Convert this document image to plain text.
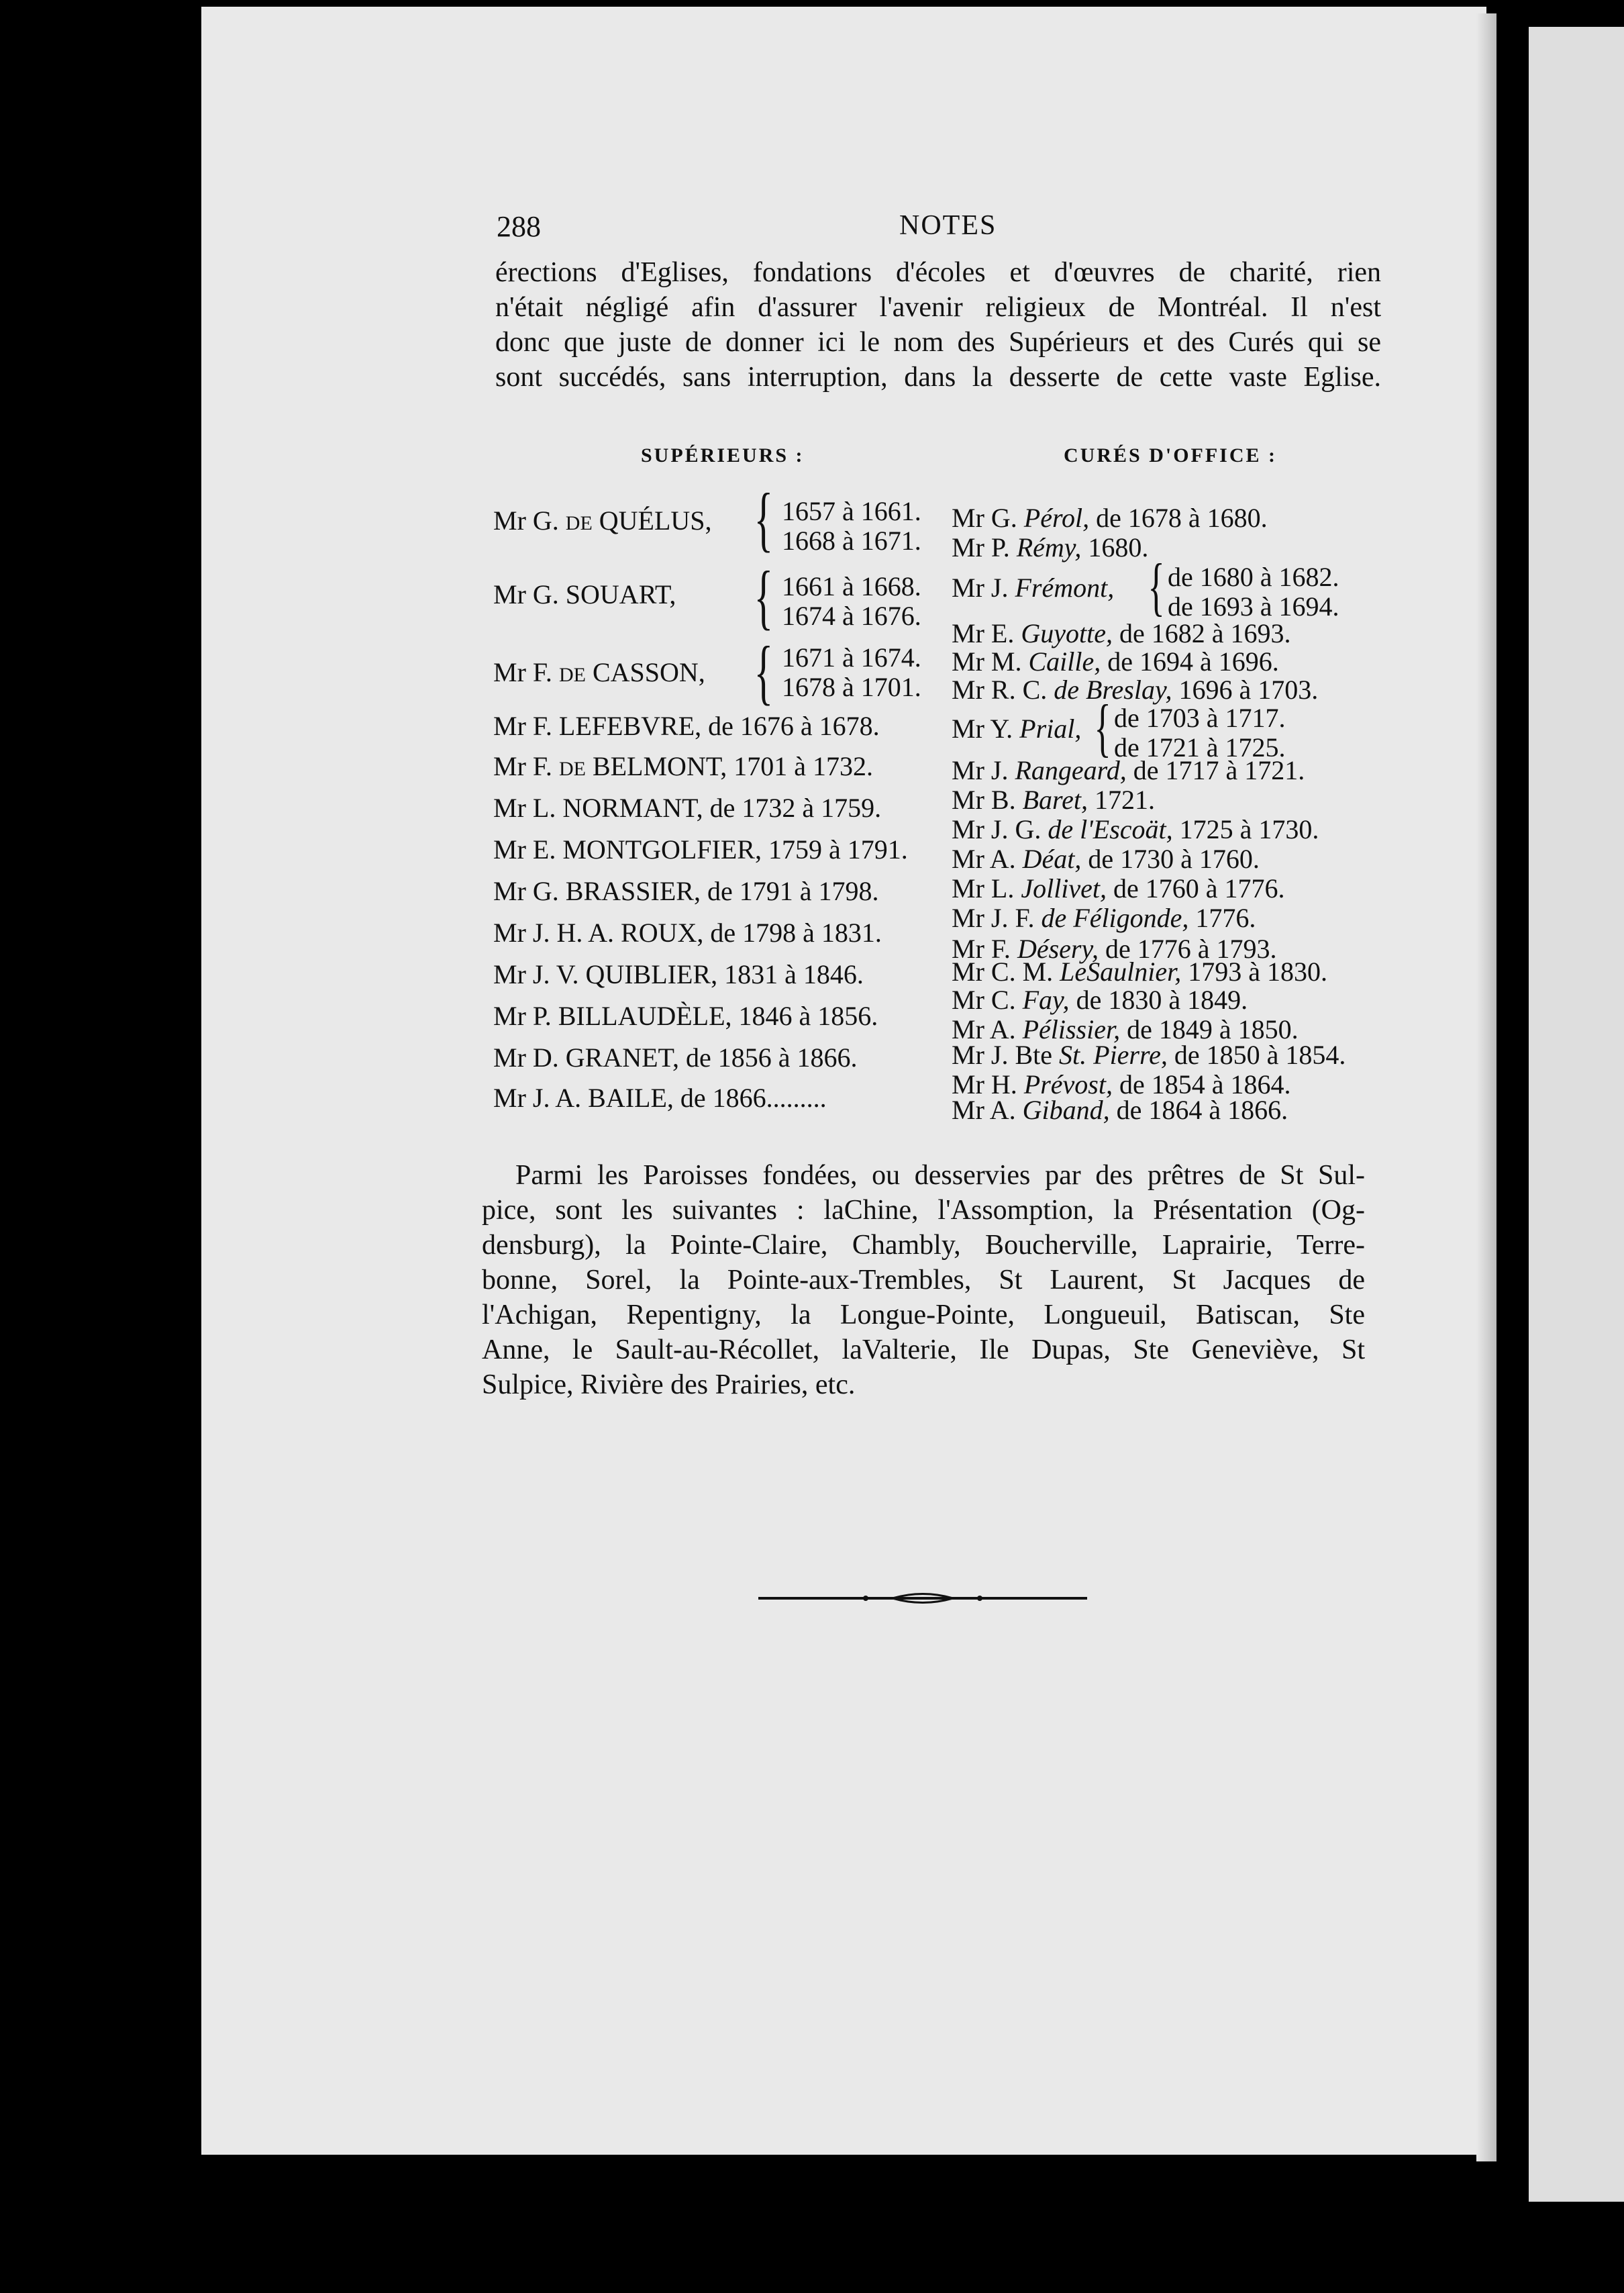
288	NOTES
érections d'Eglises, fondations d'écoles et d'œuvres de charité, rien
n'était négligé afin d'assurer l'avenir religieux de Montréal. Il n'est
donc que juste de donner ici le nom des Supérieurs et des Curés qui se
sont succédés, sans interruption, dans la desserte de cette vaste Eglise.
SUPÉRIEURS :	CURÉS D'OFFICE :
Mr G. DE QUÉLUS, { 1657 à 1661.
1668 à 1671.
Mr G. SOUART, { 1661 à 1668.
1674 à 1676.
Mr F. DE CASSON, { 1671 à 1674.
1678 à 1701.
Mr F. LEFEBVRE, de 1676 à 1678.
Mr F. DE BELMONT, 1701 à 1732.
Mr L. NORMANT, de 1732 à 1759.
Mr E. MONTGOLFIER, 1759 à 1791.
Mr G. BRASSIER, de 1791 à 1798.
Mr J. H. A. ROUX, de 1798 à 1831.
Mr J. V. QUIBLIER, 1831 à 1846.
Mr P. BILLAUDÈLE, 1846 à 1856.
Mr D. GRANET, de 1856 à 1866.
Mr J. A. BAILE, de 1866.........
Mr G. Pérol, de 1678 à 1680.
Mr P. Rémy, 1680.
Mr J. Frémont, { de 1680 à 1682.
de 1693 à 1694.
Mr E. Guyotte, de 1682 à 1693.
Mr M. Caille, de 1694 à 1696.
Mr R. C. de Breslay, 1696 à 1703.
Mr Y. Prial, { de 1703 à 1717.
de 1721 à 1725.
Mr J. Rangeard, de 1717 à 1721.
Mr B. Baret, 1721.
Mr J. G. de l'Escoät, 1725 à 1730.
Mr A. Déat, de 1730 à 1760.
Mr L. Jollivet, de 1760 à 1776.
Mr J. F. de Féligonde, 1776.
Mr F. Désery, de 1776 à 1793.
Mr C. M. LeSaulnier, 1793 à 1830.
Mr C. Fay, de 1830 à 1849.
Mr A. Pélissier, de 1849 à 1850.
Mr J. Bte St. Pierre, de 1850 à 1854.
Mr H. Prévost, de 1854 à 1864.
Mr A. Giband, de 1864 à 1866.
Parmi les Paroisses fondées, ou desservies par des prêtres de St Sul-
pice, sont les suivantes : laChine, l'Assomption, la Présentation (Og-
densburg), la Pointe-Claire, Chambly, Boucherville, Laprairie, Terre-
bonne, Sorel, la Pointe-aux-Trembles, St Laurent, St Jacques de
l'Achigan, Repentigny, la Longue-Pointe, Longueuil, Batiscan, Ste
Anne, le Sault-au-Récollet, laValterie, Ile Dupas, Ste Geneviève, St
Sulpice, Rivière des Prairies, etc.
